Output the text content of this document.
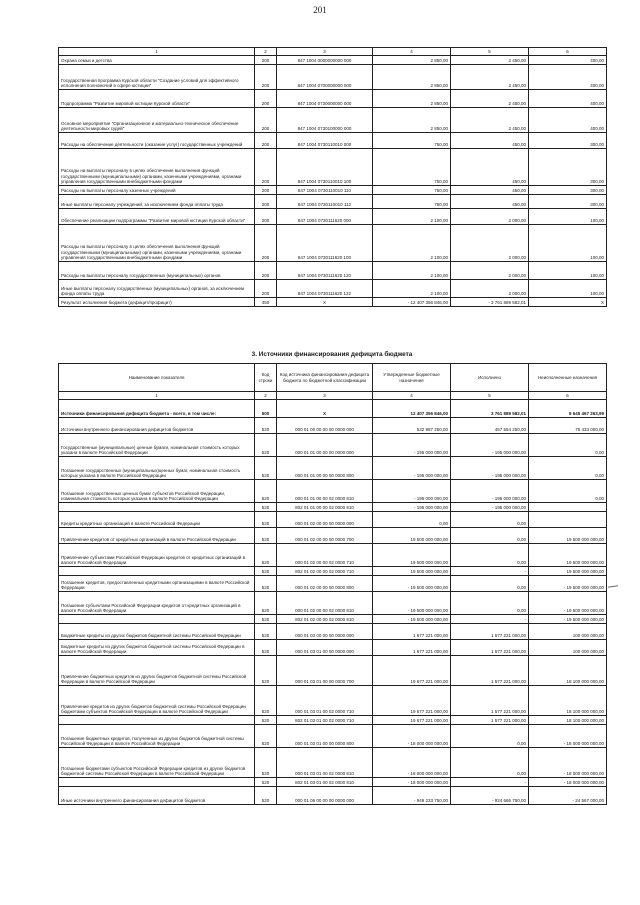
201
1	2	3	4	5	6
Охрана семьи и детства	200	847 1004 0000000000 000	2 850,00	2 450,00	400,00
Государственная программа Курской области "Создание условий для эффективного исполнения полномочий в сфере юстиции"	200	847 1004 0700000000 000	2 850,00	2 450,00	400,00
Подпрограмма "Развитие мировой юстиции Курской области"	200	847 1004 0730000000 000	2 850,00	2 450,00	400,00
Основное мероприятие "Организационное и материально-техническое обеспечение деятельности мировых судей"	200	847 1004 0730100000 000	2 850,00	2 450,00	400,00
Расходы на обеспечение деятельности (оказание услуг) государственных учреждений	200	847 1004 0730110010 000	750,00	450,00	300,00
Расходы на выплаты персоналу в целях обеспечения выполнения функций государственными (муниципальными) органами, казенными учреждениями, органами управления государственными внебюджетными фондами	200	847 1004 0730110010 100	750,00	450,00	300,00
Расходы на выплаты персоналу казенных учреждений	200	847 1004 0730110010 110	750,00	450,00	300,00
Иные выплаты персоналу учреждений, за исключением фонда оплаты труда	200	847 1004 0730110010 112	750,00	450,00	300,00
Обеспечение реализации подпрограммы "Развитие мировой юстиции Курской области"	200	847 1004 0730111620 000	2 100,00	2 000,00	100,00
Расходы на выплаты персоналу в целях обеспечения выполнения функций государственными (муниципальными) органами, казенными учреждениями, органами управления государственными внебюджетными фондами	200	847 1004 0730111620 100	2 100,00	2 000,00	100,00
Расходы на выплаты персоналу государственных (муниципальных) органов	200	847 1004 0730111620 120	2 100,00	2 000,00	100,00
Иные выплаты персоналу государственных (муниципальных) органов, за исключением фонда оплаты труда	200	847 1004 0730111620 122	2 100,00	2 000,00	100,00
Результат исполнения бюджета (дефицит/профицит)	450	X	- 12 407 356 846,00	- 3 761 889 582,01	X
3. Источники финансирования дефицита бюджета
Наименование показателя	Код строки	Код источника финансирования дефицита бюджета по бюджетной классификации	Утвержденные бюджетные назначения	Исполнено	Неисполненные назначения
1	2	3	4	5	6
Источники финансирования дефицита бюджета - всего, в том числе:	500	X	12 407 356 846,00	3 761 889 582,01	8 645 467 263,99
Источники внутреннего финансирования дефицитов бюджетов	520	000 01 00 00 00 00 0000 000	532 987 250,00	457 554 250,00	75 433 000,00
Государственные (муниципальные) ценные бумаги, номинальная стоимость которых указана в валюте Российской Федерации	520	000 01 01 00 00 00 0000 000	- 195 000 000,00	- 195 000 000,00	0,00
Погашение государственных (муниципальных)ценных бумаг, номинальная стоимость которых указана в валюте Российской Федерации	520	000 01 01 00 00 00 0000 800	- 195 000 000,00	- 195 000 000,00	0,00
Погашение государственных ценных бумаг субъектов Российской Федерации, номинальная стоимость которых указана в валюте Российской Федерации	520	000 01 01 00 00 02 0000 810	- 195 000 000,00	- 195 000 000,00	0,00
	520	802 01 01 00 00 02 0000 810	- 195 000 000,00	- 195 000 000,00	
Кредиты кредитных организаций в валюте Российской Федерации	520	000 01 02 00 00 00 0000 000	0,00	0,00	
Привлечение кредитов от кредитных организаций в валюте Российской Федерации	520	000 01 02 00 00 00 0000 700	19 500 000 000,00	0,00	19 500 000 000,00
Привлечение субъектами Российской Федерации кредитов от кредитных организаций в валюте Российской Федерации	520	000 01 02 00 00 02 0000 710	19 500 000 000,00	0,00	19 500 000 000,00
	520	802 01 02 00 00 02 0000 710	19 500 000 000,00	-	19 500 000 000,00
Погашение кредитов, предоставленных кредитными организациями в валюте Российской Федерации	520	000 01 02 00 00 00 0000 800	- 19 500 000 000,00	0,00	- 19 500 000 000,00
Погашение субъектами Российской Федерации кредитов от кредитных организаций в валюте Российской Федерации	520	000 01 02 00 00 02 0000 810	- 19 500 000 000,00	0,00	- 19 500 000 000,00
	520	802 01 02 00 00 02 0000 810	- 19 500 000 000,00	-	- 19 500 000 000,00
Бюджетные кредиты из других бюджетов бюджетной системы Российской Федерации	520	000 01 03 00 00 00 0000 000	1 677 221 000,00	1 577 221 000,00	100 000 000,00
Бюджетные кредиты из других бюджетов бюджетной системы Российской Федерации в валюте Российской Федерации	520	000 01 03 01 00 00 0000 000	1 677 221 000,00	1 577 221 000,00	100 000 000,00
Привлечение бюджетных кредитов из других бюджетов бюджетной системы Российской Федерации в валюте Российской Федерации	520	000 01 03 01 00 00 0000 700	19 677 221 000,00	1 577 221 000,00	18 100 000 000,00
Привлечение кредитов из других бюджетов бюджетной системы Российской Федерации бюджетами субъектов Российской Федерации в валюте Российской Федерации	520	000 01 03 01 00 02 0000 710	19 677 221 000,00	1 577 221 000,00	18 100 000 000,00
	520	802 01 03 01 00 02 0000 710	19 677 221 000,00	1 577 221 000,00	18 100 000 000,00
Погашение бюджетных кредитов, полученных из других бюджетов бюджетной системы Российской Федерации в валюте Российской Федерации	520	000 01 03 01 00 00 0000 800	- 18 000 000 000,00	0,00	- 18 000 000 000,00
Погашение бюджетами субъектов Российской Федерации кредитов из других бюджетов бюджетной системы Российской Федерации в валюте Российской Федерации	520	000 01 03 01 00 02 0000 810	- 18 000 000 000,00	0,00	- 18 000 000 000,00
	520	802 01 03 01 00 02 0000 810	- 18 000 000 000,00	-	- 18 000 000 000,00
Иные источники внутреннего финансирования дефицитов бюджетов	520	000 01 06 00 00 00 0000 000	- 949 233 750,00	- 924 666 750,00	- 24 567 000,00
